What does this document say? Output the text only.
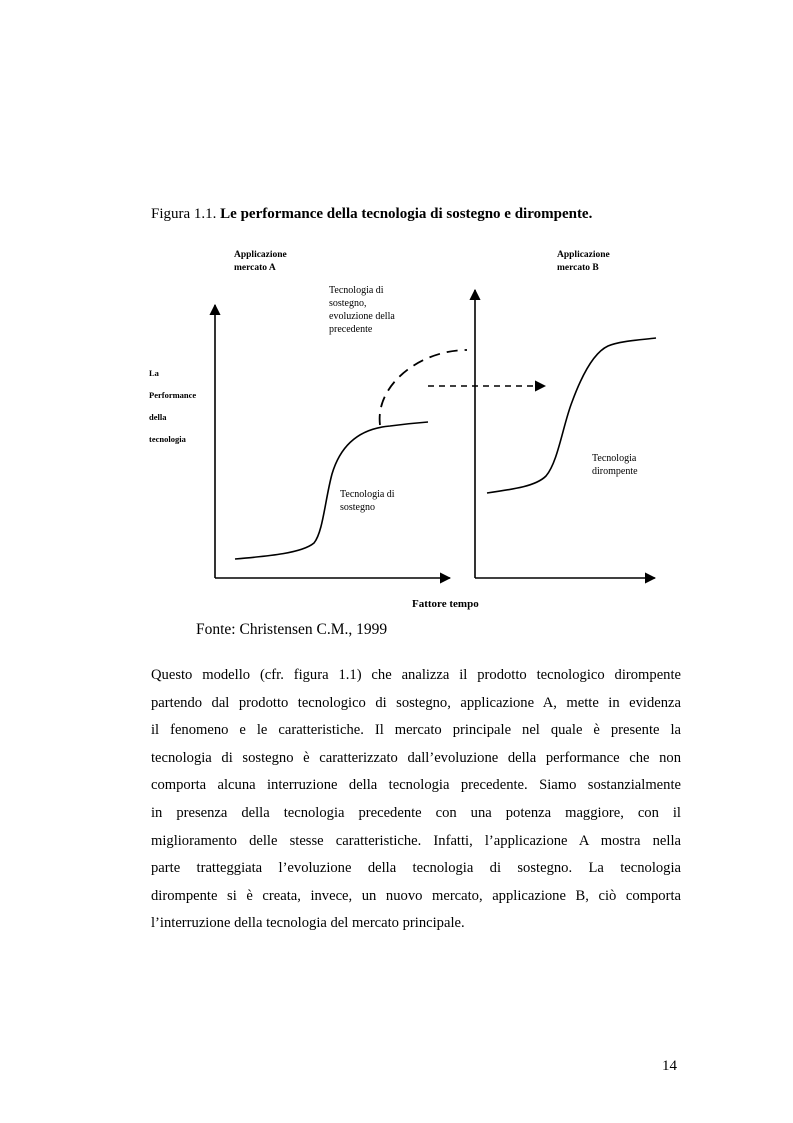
Figura 1.1. Le performance della tecnologia di sostegno e dirompente.
Applicazione mercato A
Applicazione mercato B
La Performance della tecnologia
Tecnologia di sostegno, evoluzione della precedente
Tecnologia di sostegno
Tecnologia dirompente
Fattore tempo
Fonte: Christensen C.M., 1999
Questo modello (cfr. figura 1.1) che analizza il prodotto tecnologico dirompente
partendo dal prodotto tecnologico di sostegno, applicazione A, mette in evidenza
il fenomeno e le caratteristiche. Il mercato principale nel quale è presente la
tecnologia di sostegno è caratterizzato dall’evoluzione della performance che non
comporta alcuna interruzione della tecnologia precedente. Siamo sostanzialmente
in presenza della tecnologia precedente con una potenza maggiore, con il
miglioramento delle stesse caratteristiche. Infatti, l’applicazione A mostra nella
parte tratteggiata l’evoluzione della tecnologia di sostegno. La tecnologia
dirompente si è creata, invece, un nuovo mercato, applicazione B, ciò comporta
l’interruzione della tecnologia del mercato principale.
14
